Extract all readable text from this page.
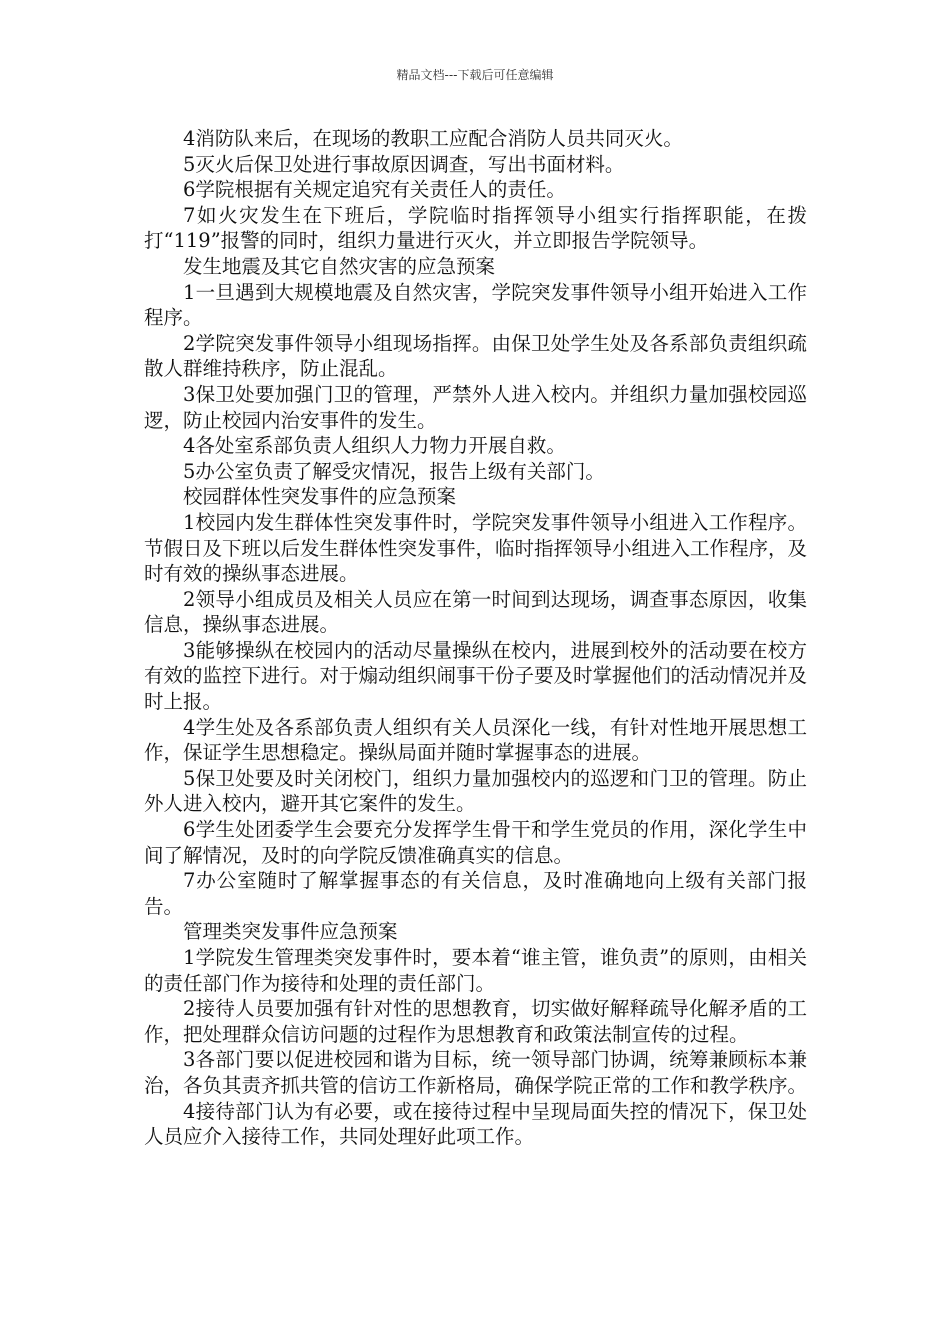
精品文档---下载后可任意编辑

4消防队来后，在现场的教职工应配合消防人员共同灭火。

5灭火后保卫处进行事故原因调查，写出书面材料。

6学院根据有关规定追究有关责任人的责任。

7如火灾发生在下班后，学院临时指挥领导小组实行指挥职能，在拨打“119”报警的同时，组织力量进行灭火，并立即报告学院领导。

发生地震及其它自然灾害的应急预案

1一旦遇到大规模地震及自然灾害，学院突发事件领导小组开始进入工作程序。

2学院突发事件领导小组现场指挥。由保卫处学生处及各系部负责组织疏散人群维持秩序，防止混乱。

3保卫处要加强门卫的管理，严禁外人进入校内。并组织力量加强校园巡逻，防止校园内治安事件的发生。

4各处室系部负责人组织人力物力开展自救。

5办公室负责了解受灾情况，报告上级有关部门。

校园群体性突发事件的应急预案

1校园内发生群体性突发事件时，学院突发事件领导小组进入工作程序。节假日及下班以后发生群体性突发事件，临时指挥领导小组进入工作程序，及时有效的操纵事态进展。

2领导小组成员及相关人员应在第一时间到达现场，调查事态原因，收集信息，操纵事态进展。

3能够操纵在校园内的活动尽量操纵在校内，进展到校外的活动要在校方有效的监控下进行。对于煽动组织闹事干份子要及时掌握他们的活动情况并及时上报。

4学生处及各系部负责人组织有关人员深化一线，有针对性地开展思想工作，保证学生思想稳定。操纵局面并随时掌握事态的进展。

5保卫处要及时关闭校门，组织力量加强校内的巡逻和门卫的管理。防止外人进入校内，避开其它案件的发生。

6学生处团委学生会要充分发挥学生骨干和学生党员的作用，深化学生中间了解情况，及时的向学院反馈准确真实的信息。

7办公室随时了解掌握事态的有关信息，及时准确地向上级有关部门报告。

管理类突发事件应急预案

1学院发生管理类突发事件时，要本着“谁主管，谁负责”的原则，由相关的责任部门作为接待和处理的责任部门。

2接待人员要加强有针对性的思想教育，切实做好解释疏导化解矛盾的工作，把处理群众信访问题的过程作为思想教育和政策法制宣传的过程。

3各部门要以促进校园和谐为目标，统一领导部门协调，统筹兼顾标本兼治，各负其责齐抓共管的信访工作新格局，确保学院正常的工作和教学秩序。

4接待部门认为有必要，或在接待过程中呈现局面失控的情况下，保卫处人员应介入接待工作，共同处理好此项工作。
